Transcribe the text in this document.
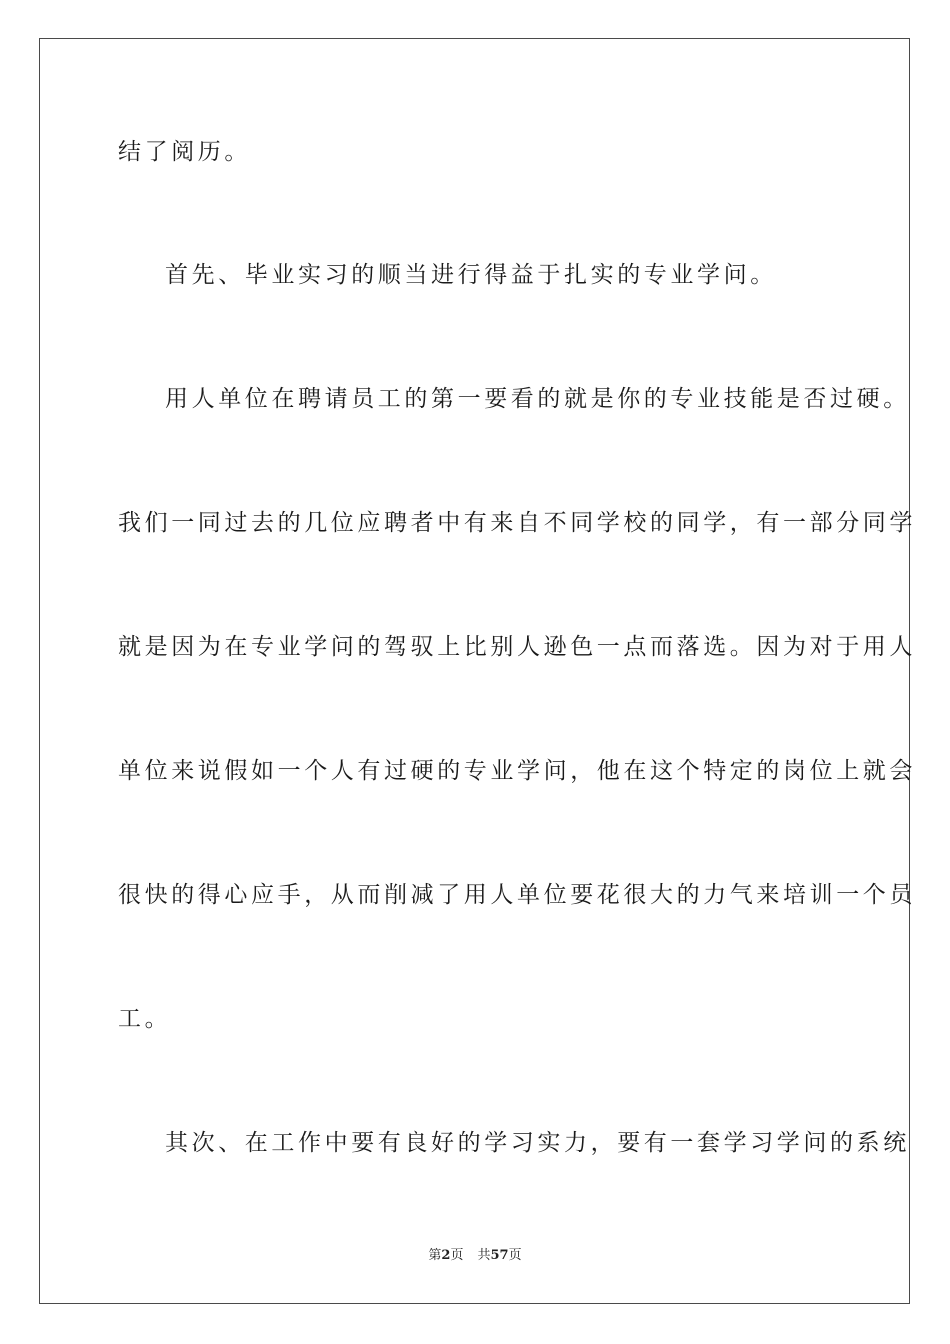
结了阅历。
首先、毕业实习的顺当进行得益于扎实的专业学问。
用人单位在聘请员工的第一要看的就是你的专业技能是否过硬。
我们一同过去的几位应聘者中有来自不同学校的同学，有一部分同学
就是因为在专业学问的驾驭上比别人逊色一点而落选。因为对于用人
单位来说假如一个人有过硬的专业学问，他在这个特定的岗位上就会
很快的得心应手，从而削减了用人单位要花很大的力气来培训一个员
工。
其次、在工作中要有良好的学习实力，要有一套学习学问的系统
第2页 共57页
